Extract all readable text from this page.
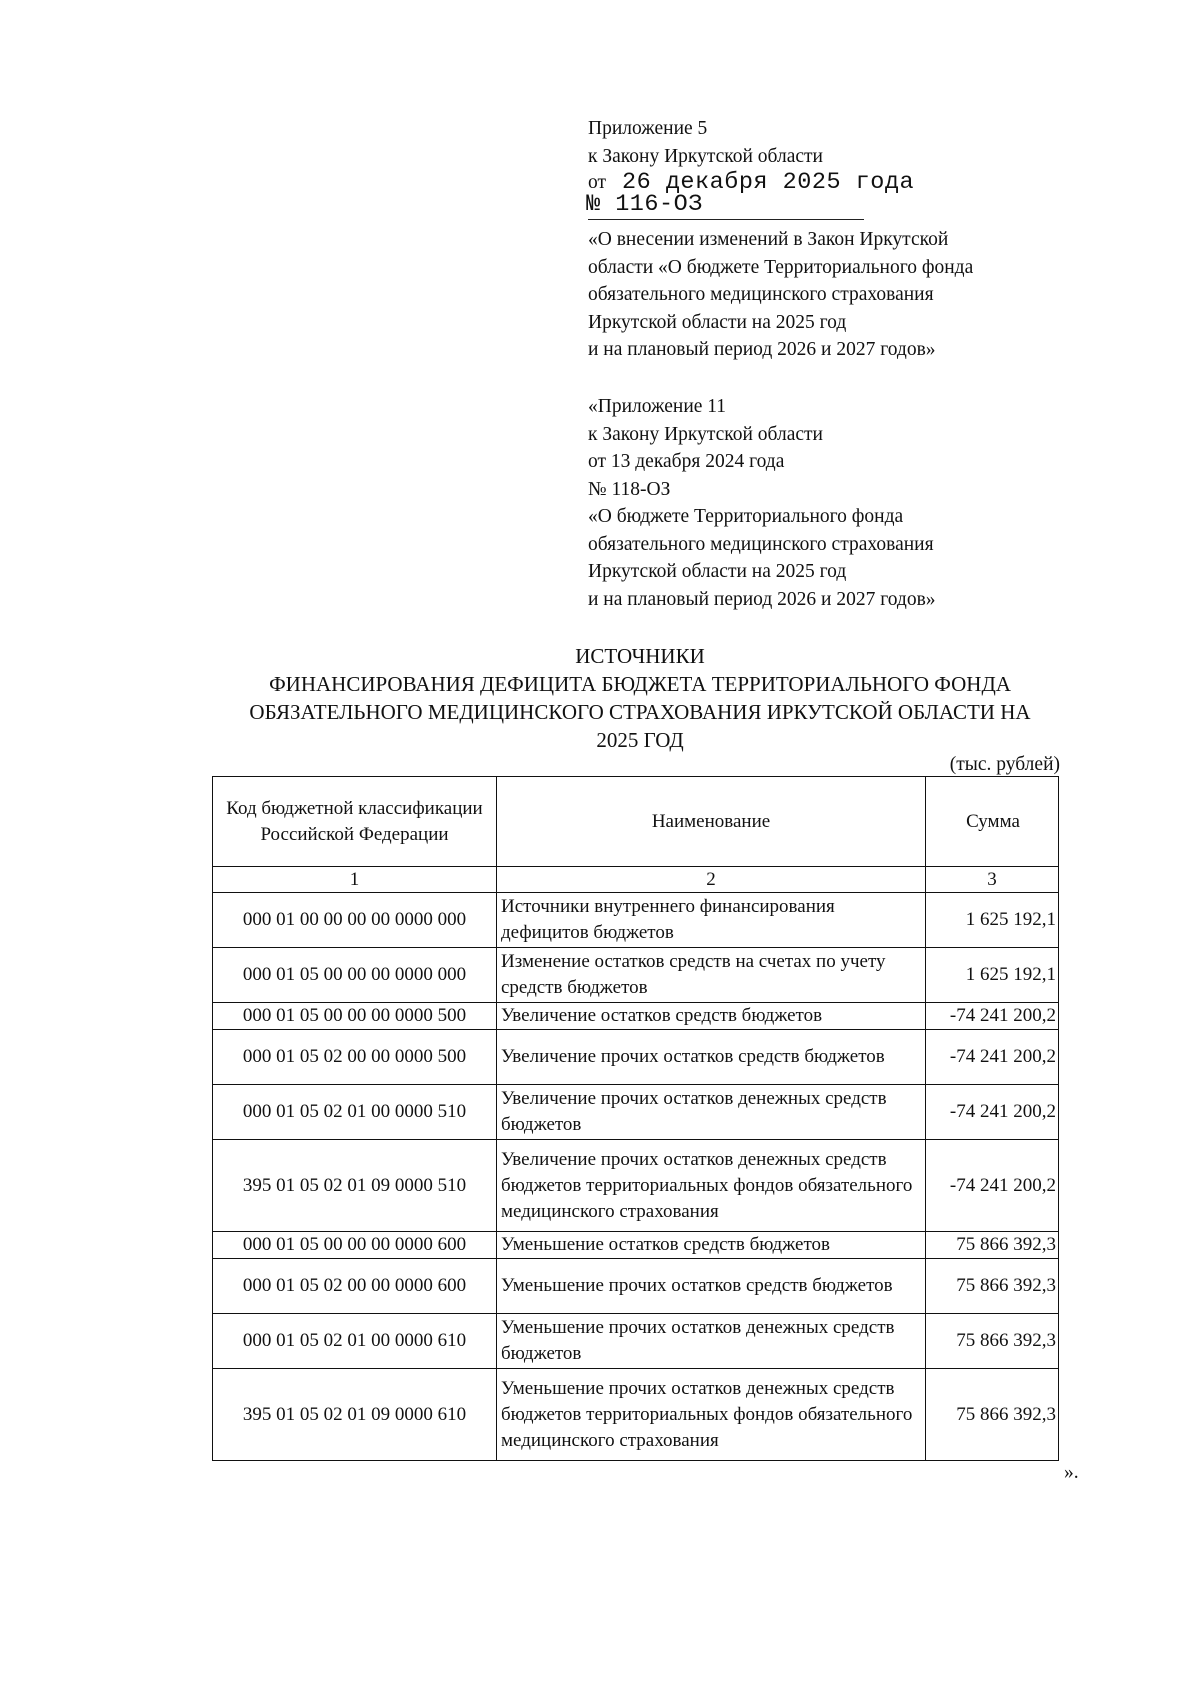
Приложение 5
к Закону Иркутской области
от 26 декабря 2025 года
№ 116-ОЗ
«О внесении изменений в Закон Иркутской
области «О бюджете Территориального фонда
обязательного медицинского страхования
Иркутской области на 2025 год
и на плановый период 2026 и 2027 годов»
«Приложение 11
к Закону Иркутской области
от 13 декабря 2024 года
№ 118-ОЗ
«О бюджете Территориального фонда
обязательного медицинского страхования
Иркутской области на 2025 год
и на плановый период 2026 и 2027 годов»
ИСТОЧНИКИ
ФИНАНСИРОВАНИЯ ДЕФИЦИТА БЮДЖЕТА ТЕРРИТОРИАЛЬНОГО ФОНДА
ОБЯЗАТЕЛЬНОГО МЕДИЦИНСКОГО СТРАХОВАНИЯ ИРКУТСКОЙ ОБЛАСТИ НА
2025 ГОД
(тыс. рублей)
Код бюджетной классификации Российской Федерации	Наименование	Сумма
1	2	3
000 01 00 00 00 00 0000 000	Источники внутреннего финансирования дефицитов бюджетов	1 625 192,1
000 01 05 00 00 00 0000 000	Изменение остатков средств на счетах по учету средств бюджетов	1 625 192,1
000 01 05 00 00 00 0000 500	Увеличение остатков средств бюджетов	-74 241 200,2
000 01 05 02 00 00 0000 500	Увеличение прочих остатков средств бюджетов	-74 241 200,2
000 01 05 02 01 00 0000 510	Увеличение прочих остатков денежных средств бюджетов	-74 241 200,2
395 01 05 02 01 09 0000 510	Увеличение прочих остатков денежных средств бюджетов территориальных фондов обязательного медицинского страхования	-74 241 200,2
000 01 05 00 00 00 0000 600	Уменьшение остатков средств бюджетов	75 866 392,3
000 01 05 02 00 00 0000 600	Уменьшение прочих остатков средств бюджетов	75 866 392,3
000 01 05 02 01 00 0000 610	Уменьшение прочих остатков денежных средств бюджетов	75 866 392,3
395 01 05 02 01 09 0000 610	Уменьшение прочих остатков денежных средств бюджетов территориальных фондов обязательного медицинского страхования	75 866 392,3
».
